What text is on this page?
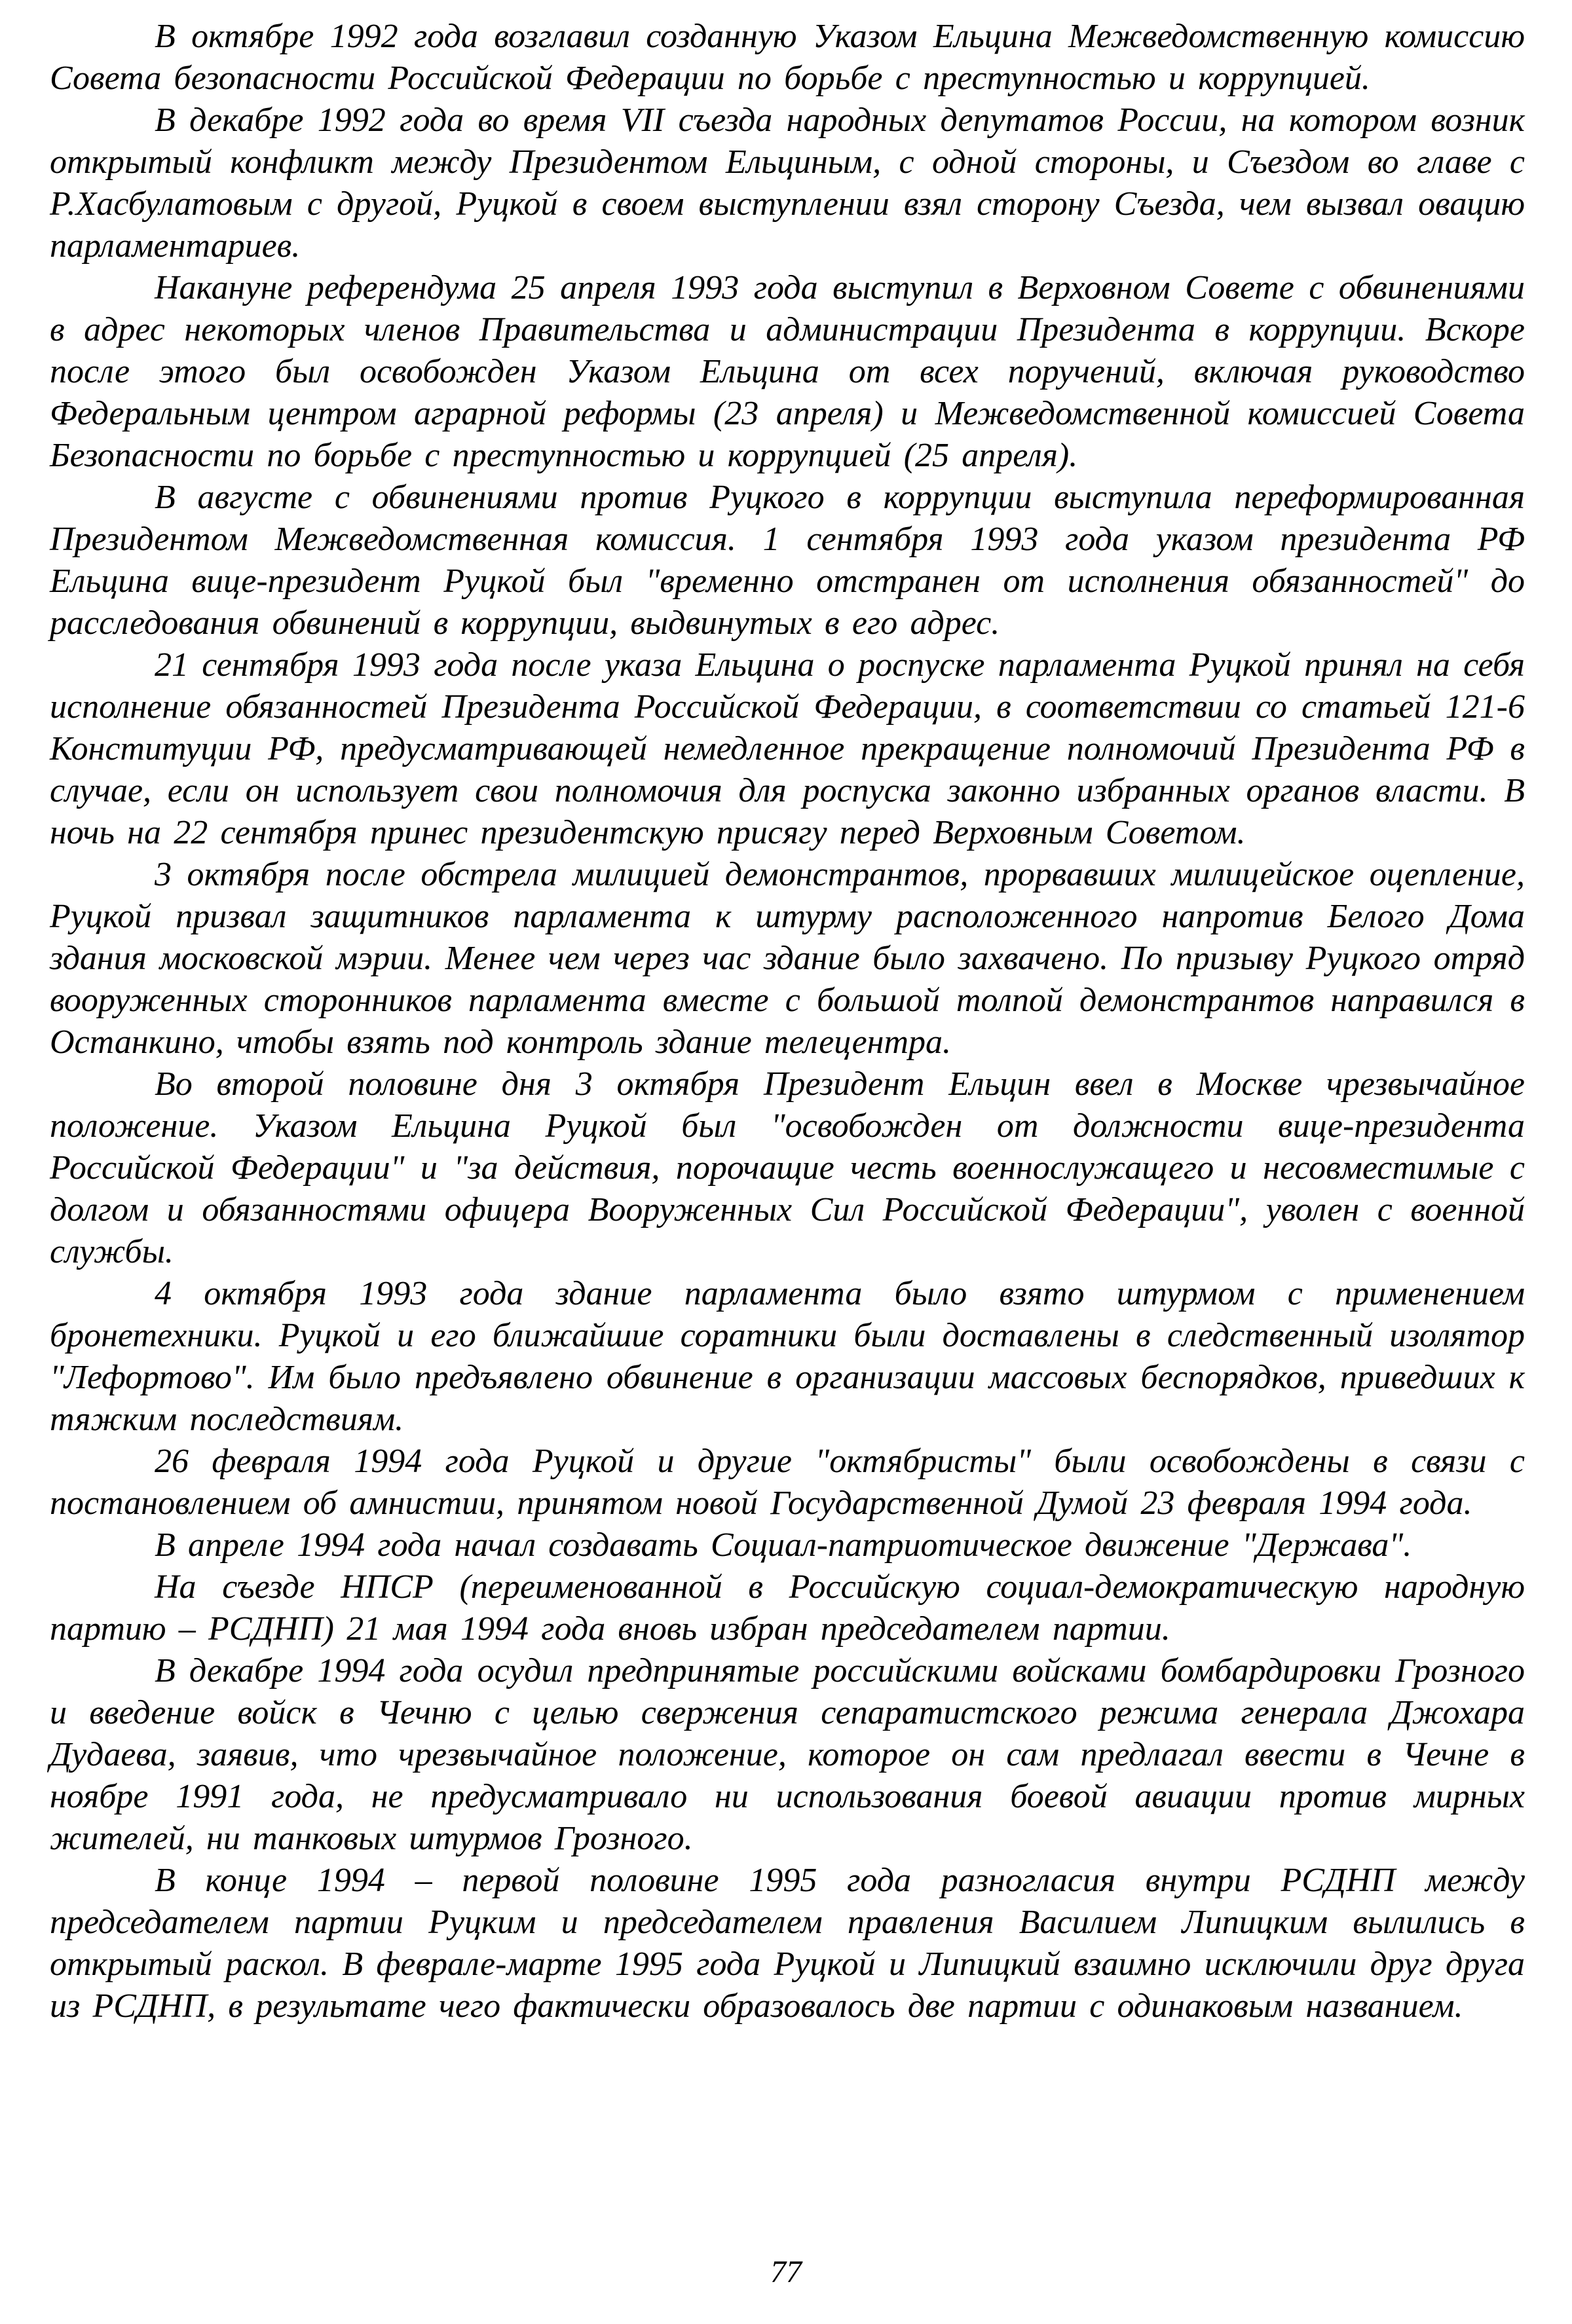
В октябре 1992 года возглавил созданную Указом Ельцина Межведомственную комиссию Совета безопасности Российской Федерации по борьбе с преступностью и коррупцией.

В декабре 1992 года во время VII съезда народных депутатов России, на котором возник открытый конфликт между Президентом Ельциным, с одной стороны, и Съездом во главе с Р.Хасбулатовым с другой, Руцкой в своем выступлении взял сторону Съезда, чем вызвал овацию парламентариев.

Накануне референдума 25 апреля 1993 года выступил в Верховном Совете с обвинениями в адрес некоторых членов Правительства и администрации Президента в коррупции. Вскоре после этого был освобожден Указом Ельцина от всех поручений, включая руководство Федеральным центром аграрной реформы (23 апреля) и Межведомственной комиссией Совета Безопасности по борьбе с преступностью и коррупцией (25 апреля).

В августе с обвинениями против Руцкого в коррупции выступила переформированная Президентом Межведомственная комиссия. 1 сентября 1993 года указом президента РФ Ельцина вице-президент Руцкой был "временно отстранен от исполнения обязанностей" до расследования обвинений в коррупции, выдвинутых в его адрес.

21 сентября 1993 года после указа Ельцина о роспуске парламента Руцкой принял на себя исполнение обязанностей Президента Российской Федерации, в соответствии со статьей 121-6 Конституции РФ, предусматривающей немедленное прекращение полномочий Президента РФ в случае, если он использует свои полномочия для роспуска законно избранных органов власти. В ночь на 22 сентября принес президентскую присягу перед Верховным Советом.

3 октября после обстрела милицией демонстрантов, прорвавших милицейское оцепление, Руцкой призвал защитников парламента к штурму расположенного напротив Белого Дома здания московской мэрии. Менее чем через час здание было захвачено. По призыву Руцкого отряд вооруженных сторонников парламента вместе с большой толпой демонстрантов направился в Останкино, чтобы взять под контроль здание телецентра.

Во второй половине дня 3 октября Президент Ельцин ввел в Москве чрезвычайное положение. Указом Ельцина Руцкой был "освобожден от должности вице-президента Российской Федерации" и "за действия, порочащие честь военнослужащего и несовместимые с долгом и обязанностями офицера Вооруженных Сил Российской Федерации", уволен с военной службы.

4 октября 1993 года здание парламента было взято штурмом с применением бронетехники. Руцкой и его ближайшие соратники были доставлены в следственный изолятор "Лефортово". Им было предъявлено обвинение в организации массовых беспорядков, приведших к тяжким последствиям.

26 февраля 1994 года Руцкой и другие "октябристы" были освобождены в связи с постановлением об амнистии, принятом новой Государственной Думой 23 февраля 1994 года.

В апреле 1994 года начал создавать Социал-патриотическое движение "Держава".

На съезде НПСР (переименованной в Российскую социал-демократическую народную партию – РСДНП) 21 мая 1994 года вновь избран председателем партии.

В декабре 1994 года осудил предпринятые российскими войсками бомбардировки Грозного и введение войск в Чечню с целью свержения сепаратистского режима генерала Джохара Дудаева, заявив, что чрезвычайное положение, которое он сам предлагал ввести в Чечне в ноябре 1991 года, не предусматривало ни использования боевой авиации против мирных жителей, ни танковых штурмов Грозного.

В конце 1994 – первой половине 1995 года разногласия внутри РСДНП между председателем партии Руцким и председателем правления Василием Липицким вылились в открытый раскол. В феврале-марте 1995 года Руцкой и Липицкий взаимно исключили друг друга из РСДНП, в результате чего фактически образовалось две партии с одинаковым названием.

77
